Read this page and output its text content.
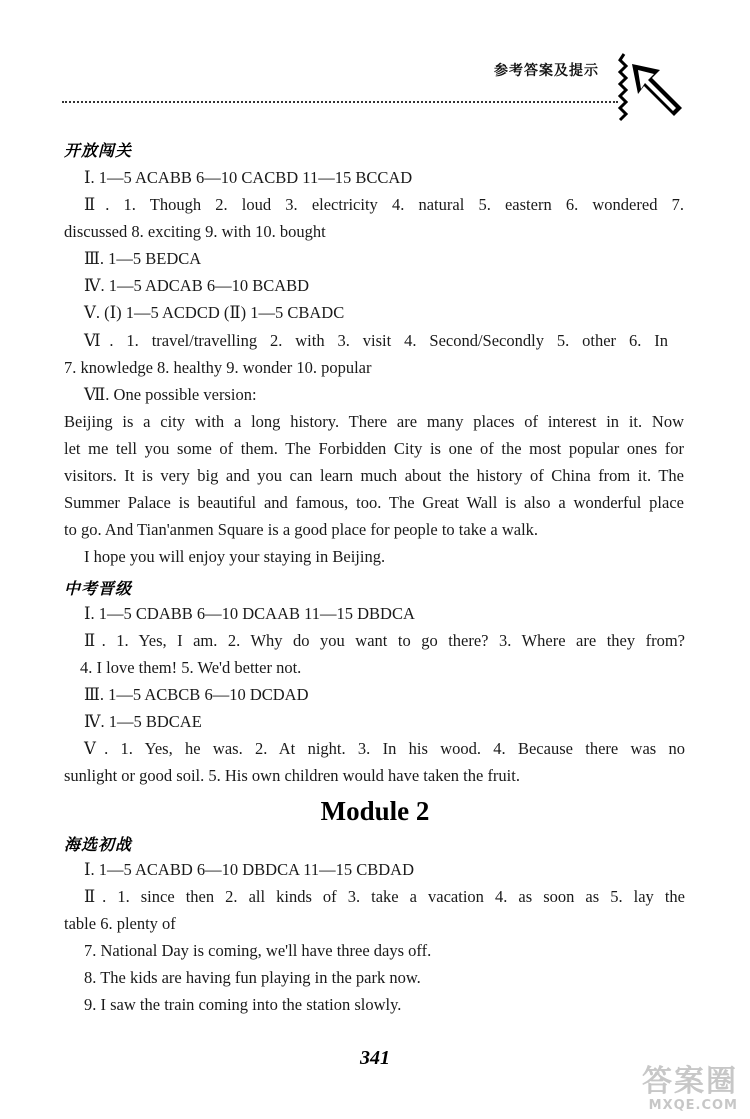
参考答案及提示
开放闯关
Ⅰ. 1—5 ACABB 6—10 CACBD 11—15 BCCAD
Ⅱ. 1. Though 2. loud 3. electricity 4. natural 5. eastern 6. wondered 7.
discussed 8. exciting 9. with 10. bought
Ⅲ. 1—5 BEDCA
Ⅳ. 1—5 ADCAB 6—10 BCABD
Ⅴ. (Ⅰ) 1—5 ACDCD (Ⅱ) 1—5 CBADC
Ⅵ. 1. travel/travelling 2. with 3. visit 4. Second/Secondly 5. other 6. In
7. knowledge 8. healthy 9. wonder 10. popular
Ⅶ. One possible version:
Beijing is a city with a long history. There are many places of interest in it. Now
let me tell you some of them. The Forbidden City is one of the most popular ones for
visitors. It is very big and you can learn much about the history of China from it. The
Summer Palace is beautiful and famous, too. The Great Wall is also a wonderful place
to go. And Tian'anmen Square is a good place for people to take a walk.
I hope you will enjoy your staying in Beijing.
中考晋级
Ⅰ. 1—5 CDABB 6—10 DCAAB 11—15 DBDCA
Ⅱ. 1. Yes, I am. 2. Why do you want to go there? 3. Where are they from?
4. I love them! 5. We'd better not.
Ⅲ. 1—5 ACBCB 6—10 DCDAD
Ⅳ. 1—5 BDCAE
Ⅴ. 1. Yes, he was. 2. At night. 3. In his wood. 4. Because there was no
sunlight or good soil. 5. His own children would have taken the fruit.
Module 2
海选初战
Ⅰ. 1—5 ACABD 6—10 DBDCA 11—15 CBDAD
Ⅱ. 1. since then 2. all kinds of 3. take a vacation 4. as soon as 5. lay the
table 6. plenty of
7. National Day is coming, we'll have three days off.
8. The kids are having fun playing in the park now.
9. I saw the train coming into the station slowly.
341
答案圈
MXQE.COM
